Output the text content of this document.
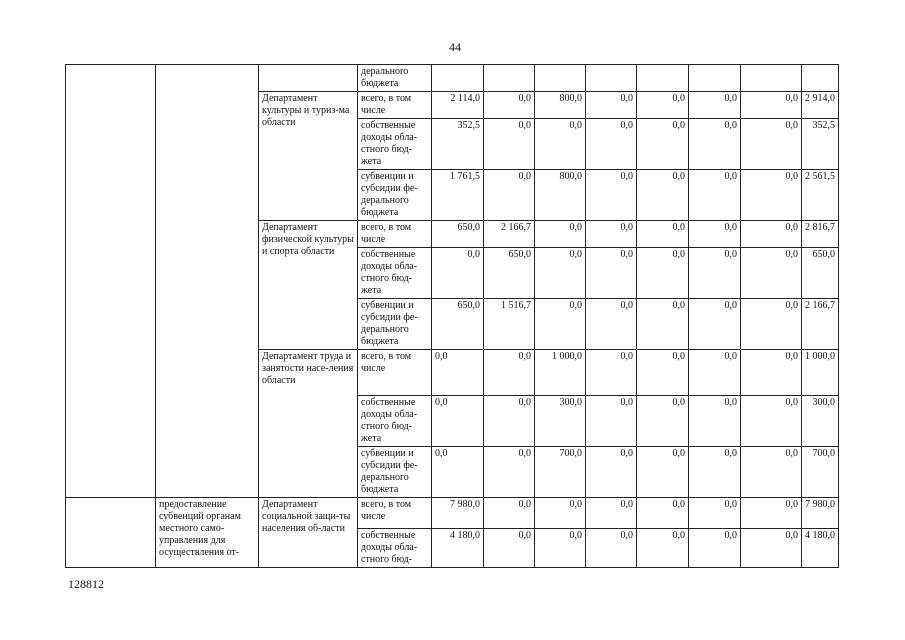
44
			деральноro бюджета								
		Департамент культуры и туриз-ма области	всего, в том числе	2 114,0	0,0	800,0	0,0	0,0	0,0	0,0	2 914,0
			собственные доходы обла-стного бюд-жета	352,5	0,0	0,0	0,0	0,0	0,0	0,0	352,5
			субвенции и субсидии фе-дерального бюджета	1 761,5	0,0	800,0	0,0	0,0	0,0	0,0	2 561,5
		Департамент физической культуры и спорта области	всего, в том числе	650,0	2 166,7	0,0	0,0	0,0	0,0	0,0	2 816,7
			собственные доходы обла-стного бюд-жета	0,0	650,0	0,0	0,0	0,0	0,0	0,0	650,0
			субвенции и субсидии фе-дерального бюджета	650,0	1 516,7	0,0	0,0	0,0	0,0	0,0	2 166,7
		Департамент труда и занятости насе-ления области	всего, в том числе	0,0	0,0	1 000,0	0,0	0,0	0,0	0,0	1 000,0
			собственные доходы обла-стного бюд-жета	0,0	0,0	300,0	0,0	0,0	0,0	0,0	300,0
			субвенции и субсидии фе-дерального бюджета	0,0	0,0	700,0	0,0	0,0	0,0	0,0	700,0
	предоставление субвенций органам местного само-управления для осуществления от-	Департамент социальной защи-ты населения об-ласти	всего, в том числе	7 980,0	0,0	0,0	0,0	0,0	0,0	0,0	7 980,0
			собственные доходы обла-стного бюд-	4 180,0	0,0	0,0	0,0	0,0	0,0	0,0	4 180,0
128812
